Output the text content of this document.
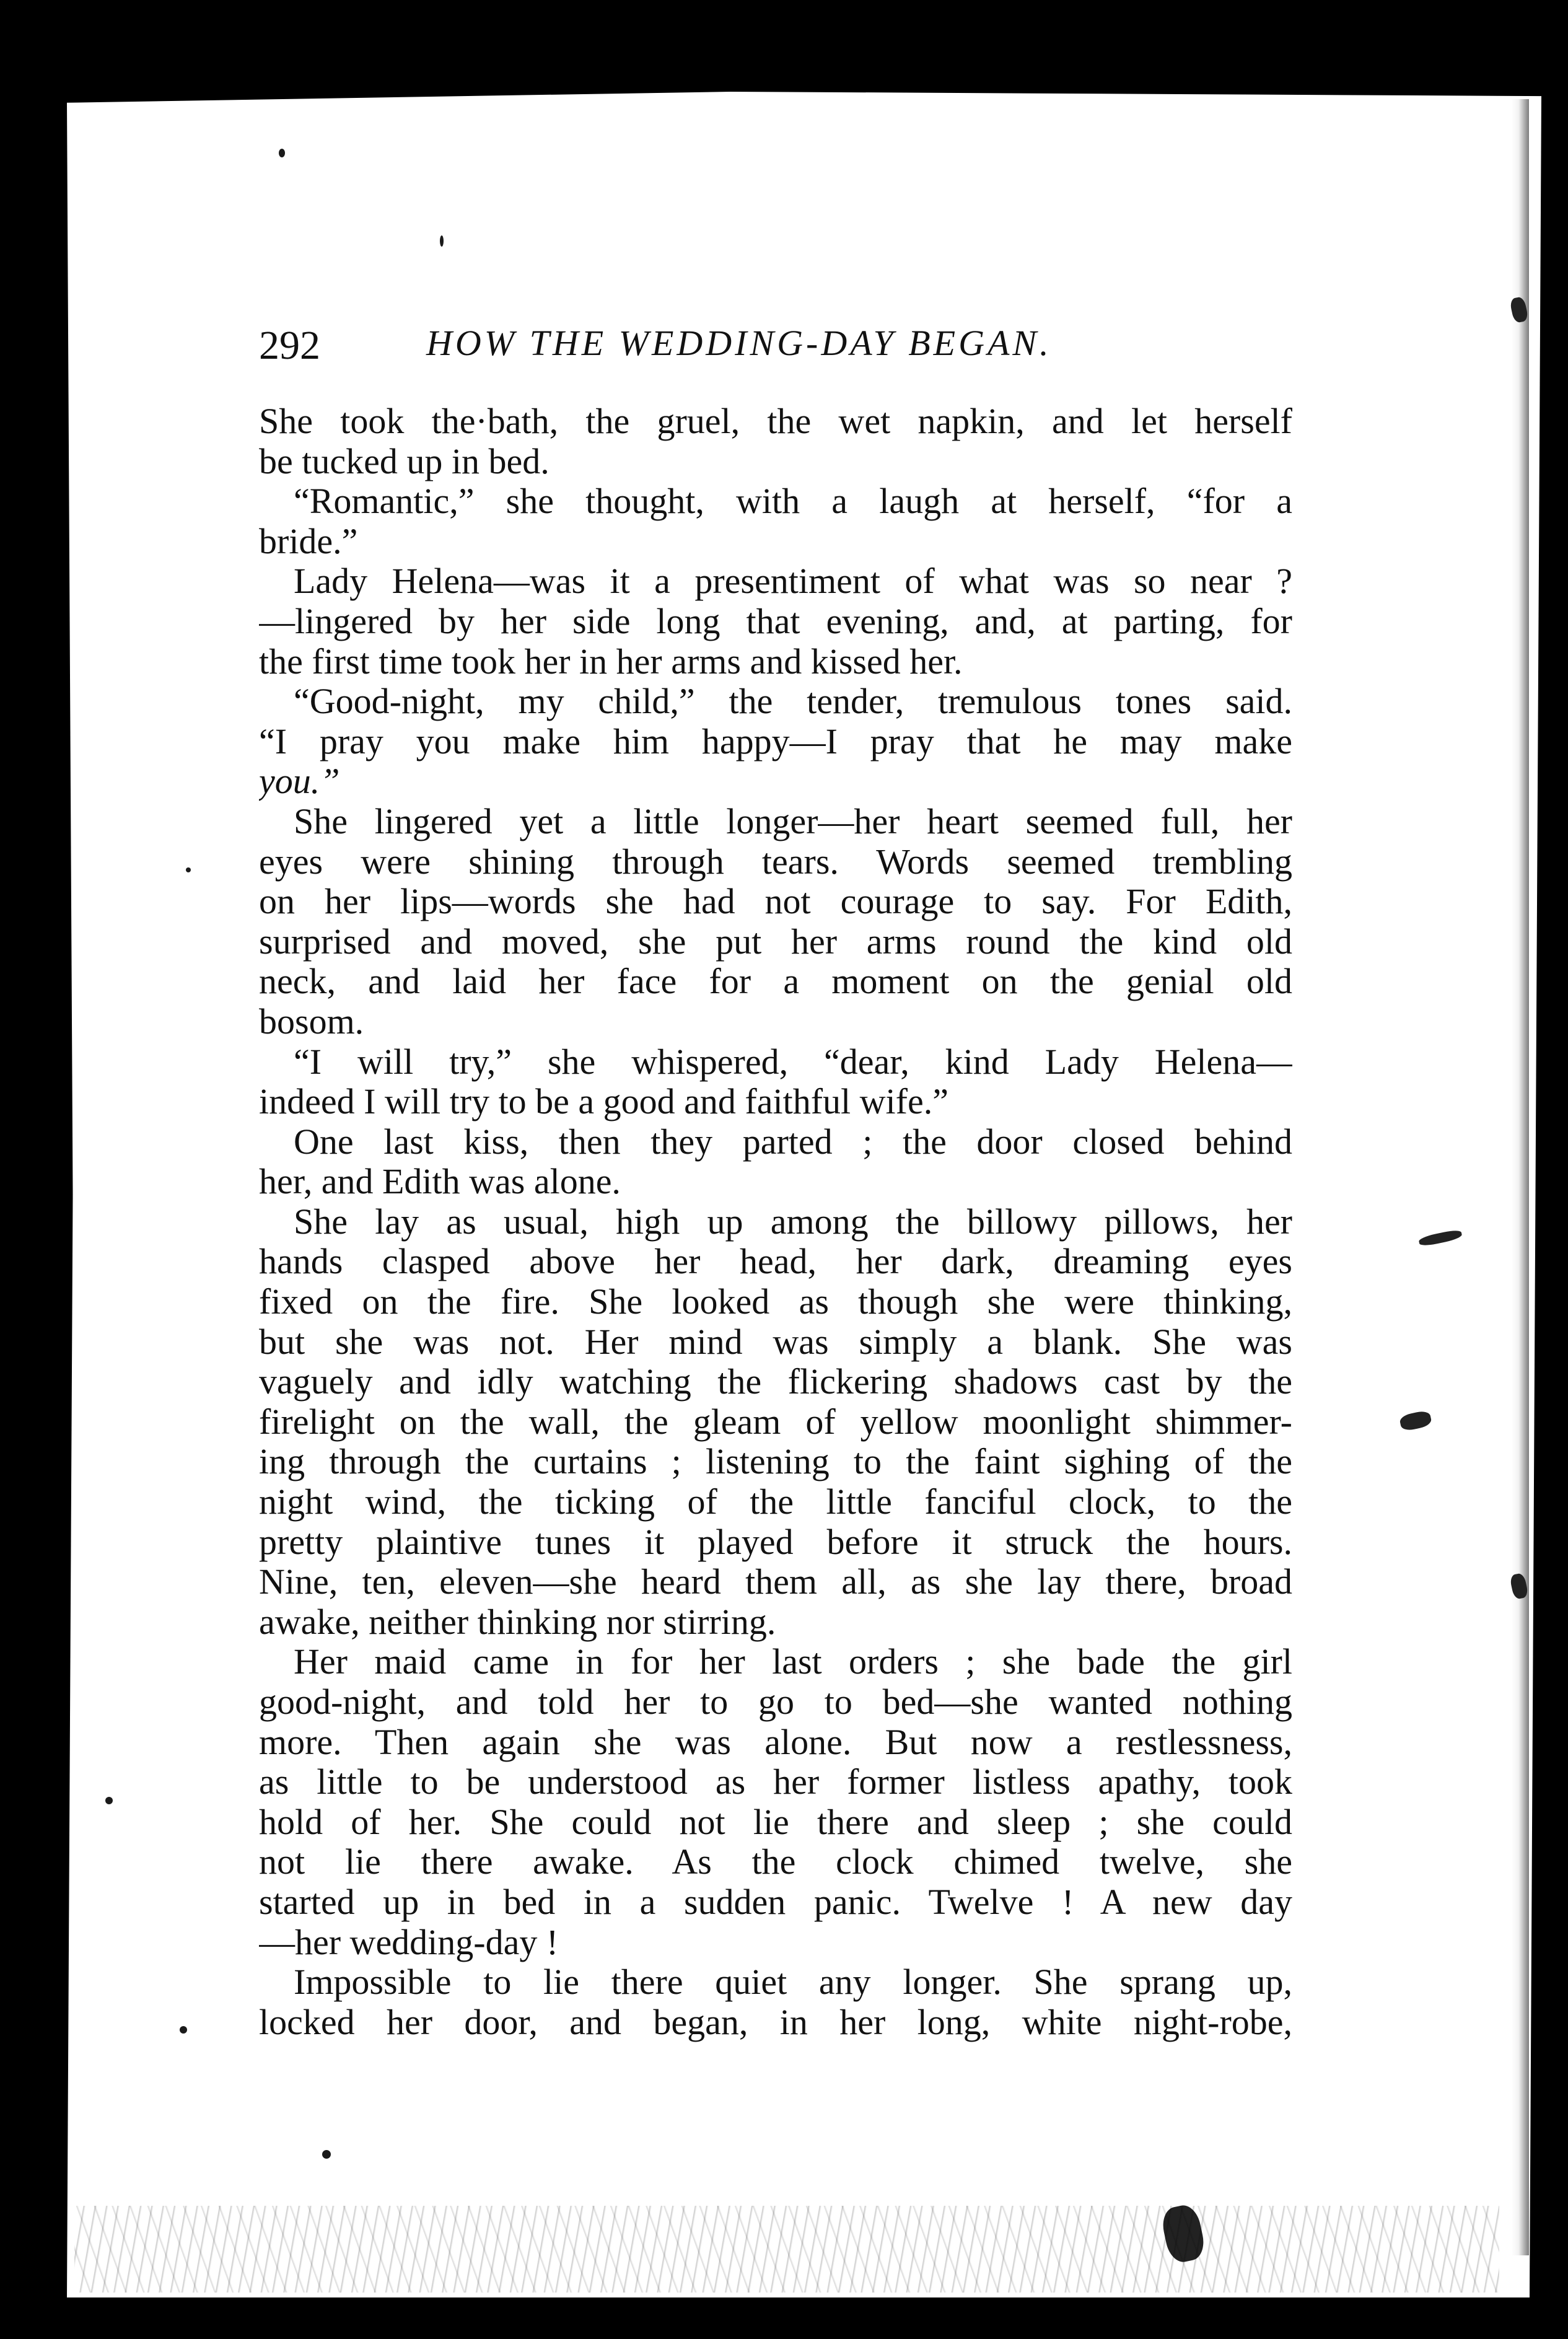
292	HOW THE WEDDING-DAY BEGAN.
She took the·bath, the gruel, the wet napkin, and let herself
be tucked up in bed.
“Romantic,” she thought, with a laugh at herself, “for a
bride.”
Lady Helena—was it a presentiment of what was so near ?
—lingered by her side long that evening, and, at parting, for
the first time took her in her arms and kissed her.
“Good-night, my child,” the tender, tremulous tones said.
“I pray you make him happy—I pray that he may make
you.”
She lingered yet a little longer—her heart seemed full, her
eyes were shining through tears. Words seemed trembling
on her lips—words she had not courage to say. For Edith,
surprised and moved, she put her arms round the kind old
neck, and laid her face for a moment on the genial old
bosom.
“I will try,” she whispered, “dear, kind Lady Helena—
indeed I will try to be a good and faithful wife.”
One last kiss, then they parted ; the door closed behind
her, and Edith was alone.
She lay as usual, high up among the billowy pillows, her
hands clasped above her head, her dark, dreaming eyes
fixed on the fire. She looked as though she were thinking,
but she was not. Her mind was simply a blank. She was
vaguely and idly watching the flickering shadows cast by the
firelight on the wall, the gleam of yellow moonlight shimmer-
ing through the curtains ; listening to the faint sighing of the
night wind, the ticking of the little fanciful clock, to the
pretty plaintive tunes it played before it struck the hours.
Nine, ten, eleven—she heard them all, as she lay there, broad
awake, neither thinking nor stirring.
Her maid came in for her last orders ; she bade the girl
good-night, and told her to go to bed—she wanted nothing
more. Then again she was alone. But now a restlessness,
as little to be understood as her former listless apathy, took
hold of her. She could not lie there and sleep ; she could
not lie there awake. As the clock chimed twelve, she
started up in bed in a sudden panic. Twelve ! A new day
—her wedding-day !
Impossible to lie there quiet any longer. She sprang up,
locked her door, and began, in her long, white night-robe,
